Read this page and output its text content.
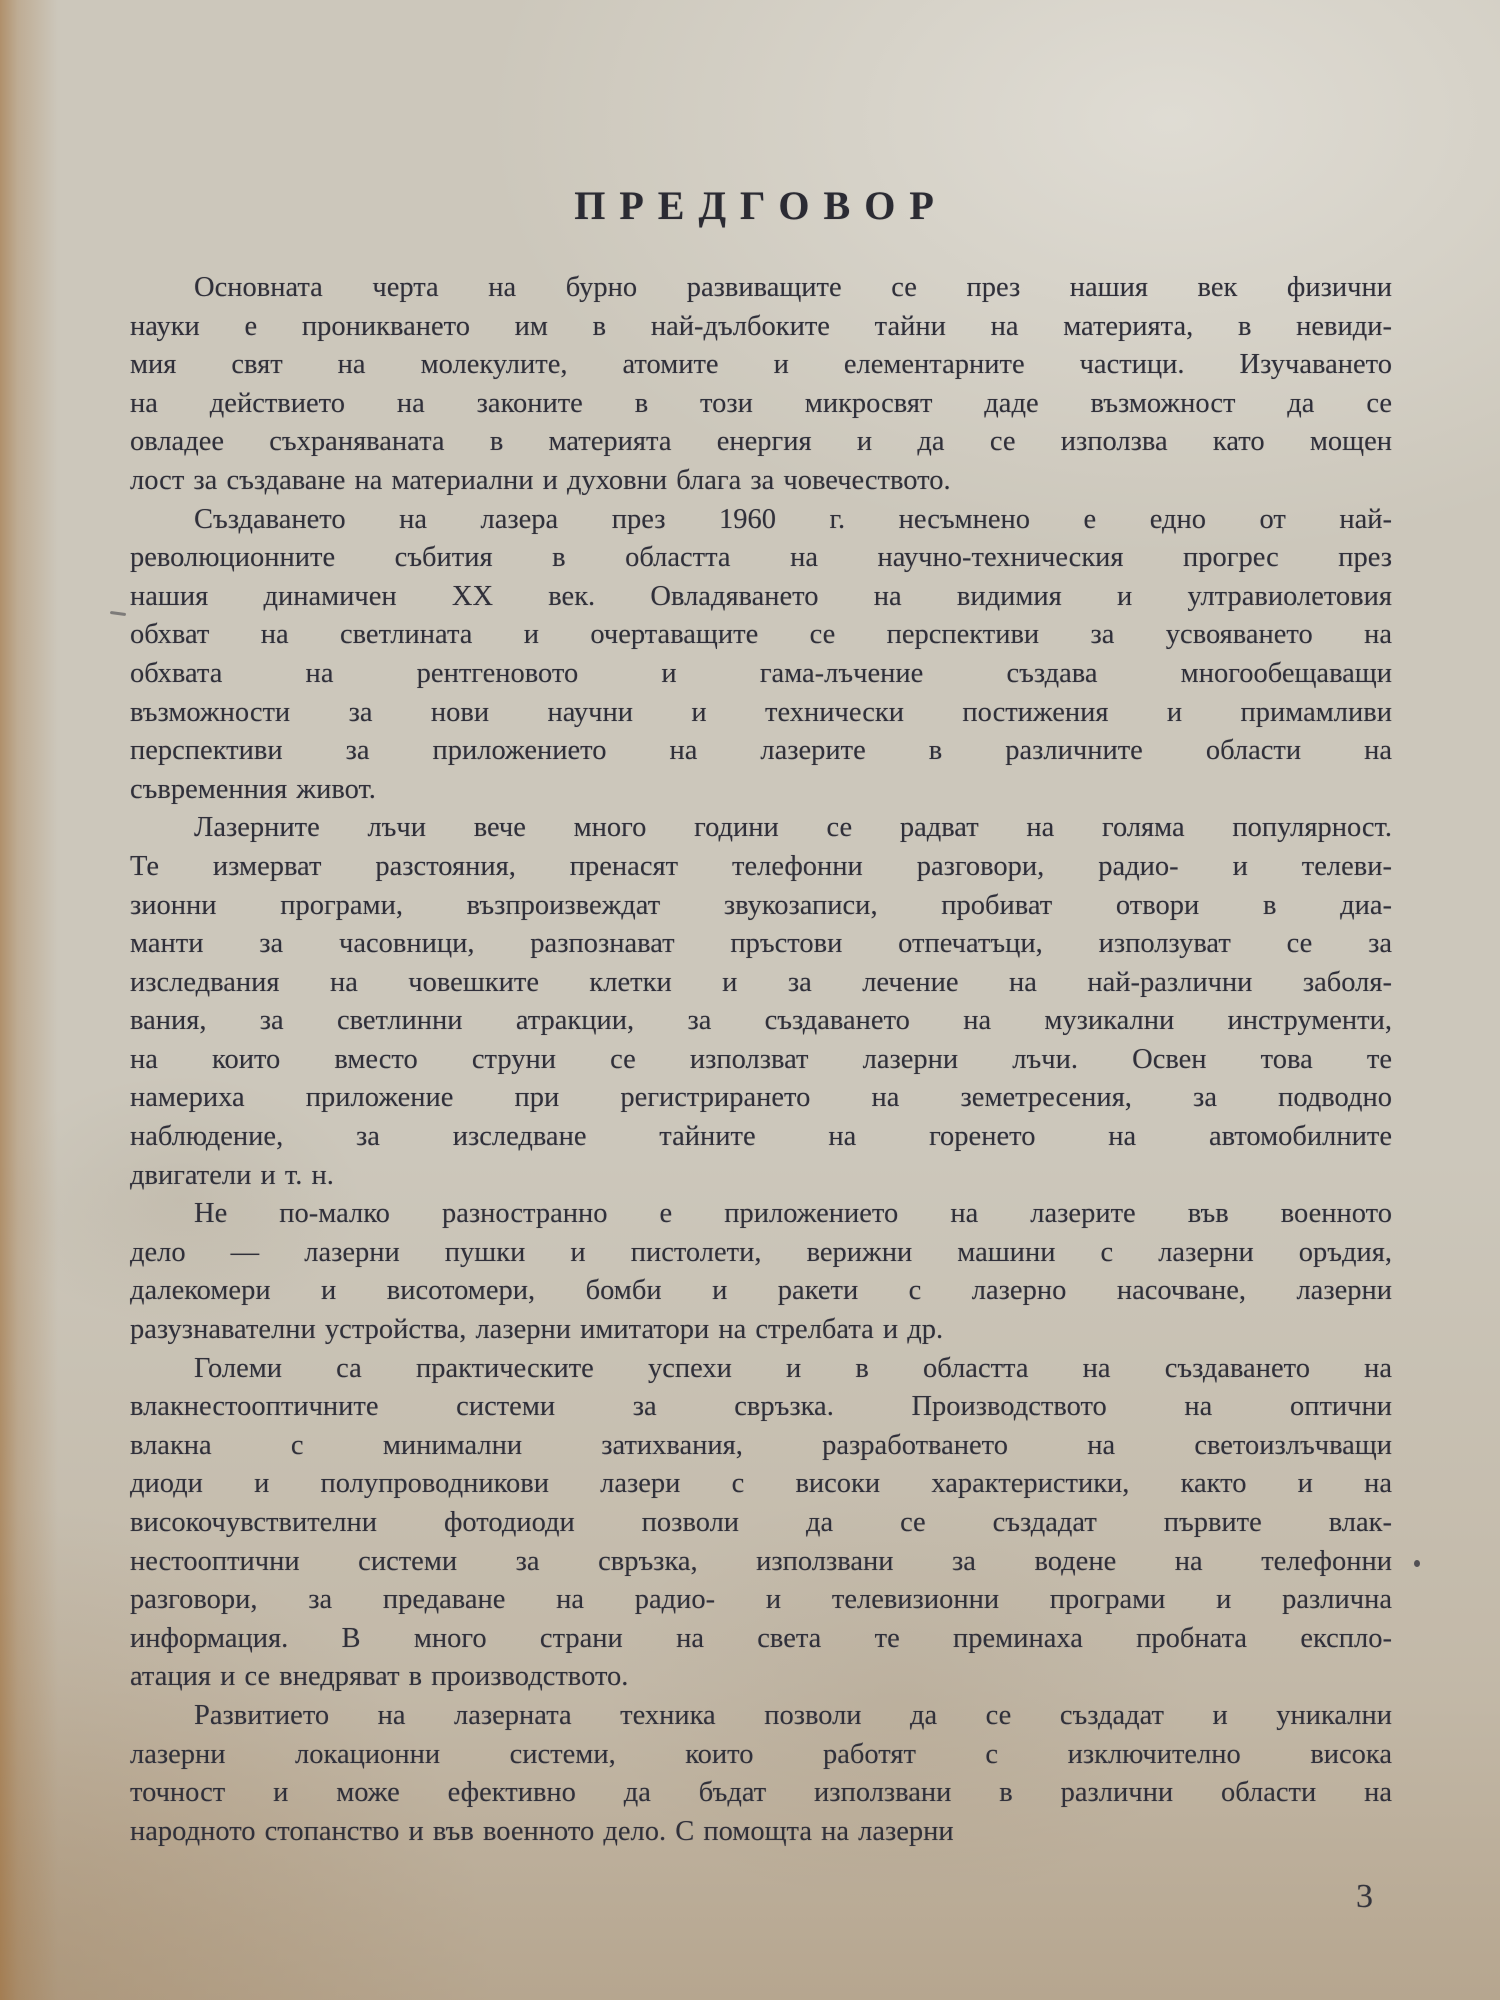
ПРЕДГОВОР
Основната черта на бурно развиващите се през нашия век физични
науки е проникването им в най-дълбоките тайни на материята, в невиди-
мия свят на молекулите, атомите и елементарните частици. Изучаването
на действието на законите в този микросвят даде възможност да се
овладее съхраняваната в материята енергия и да се използва като мощен
лост за създаване на материални и духовни блага за човечеството.
Създаването на лазера през 1960 г. несъмнено е едно от най-
революционните събития в областта на научно-техническия прогрес през
нашия динамичен XX век. Овладяването на видимия и ултравиолетовия
обхват на светлината и очертаващите се перспективи за усвояването на
обхвата на рентгеновото и гама-лъчение създава многообещаващи
възможности за нови научни и технически постижения и примамливи
перспективи за приложението на лазерите в различните области на
съвременния живот.
Лазерните лъчи вече много години се радват на голяма популярност.
Те измерват разстояния, пренасят телефонни разговори, радио- и телеви-
зионни програми, възпроизвеждат звукозаписи, пробиват отвори в диа-
манти за часовници, разпознават пръстови отпечатъци, използуват се за
изследвания на човешките клетки и за лечение на най-различни заболя-
вания, за светлинни атракции, за създаването на музикални инструменти,
на които вместо струни се използват лазерни лъчи. Освен това те
намериха приложение при регистрирането на земетресения, за подводно
наблюдение, за изследване тайните на горенето на автомобилните
двигатели и т. н.
Не по-малко разностранно е приложението на лазерите във военното
дело — лазерни пушки и пистолети, верижни машини с лазерни оръдия,
далекомери и висотомери, бомби и ракети с лазерно насочване, лазерни
разузнавателни устройства, лазерни имитатори на стрелбата и др.
Големи са практическите успехи и в областта на създаването на
влакнестооптичните системи за свръзка. Производството на оптични
влакна с минимални затихвания, разработването на светоизлъчващи
диоди и полупроводникови лазери с високи характеристики, както и на
високочувствителни фотодиоди позволи да се създадат първите влак-
нестооптични системи за свръзка, използвани за водене на телефонни
разговори, за предаване на радио- и телевизионни програми и различна
информация. В много страни на света те преминаха пробната експло-
атация и се внедряват в производството.
Развитието на лазерната техника позволи да се създадат и уникални
лазерни локационни системи, които работят с изключително висока
точност и може ефективно да бъдат използвани в различни области на
народното стопанство и във военното дело. С помощта на лазерни
3
